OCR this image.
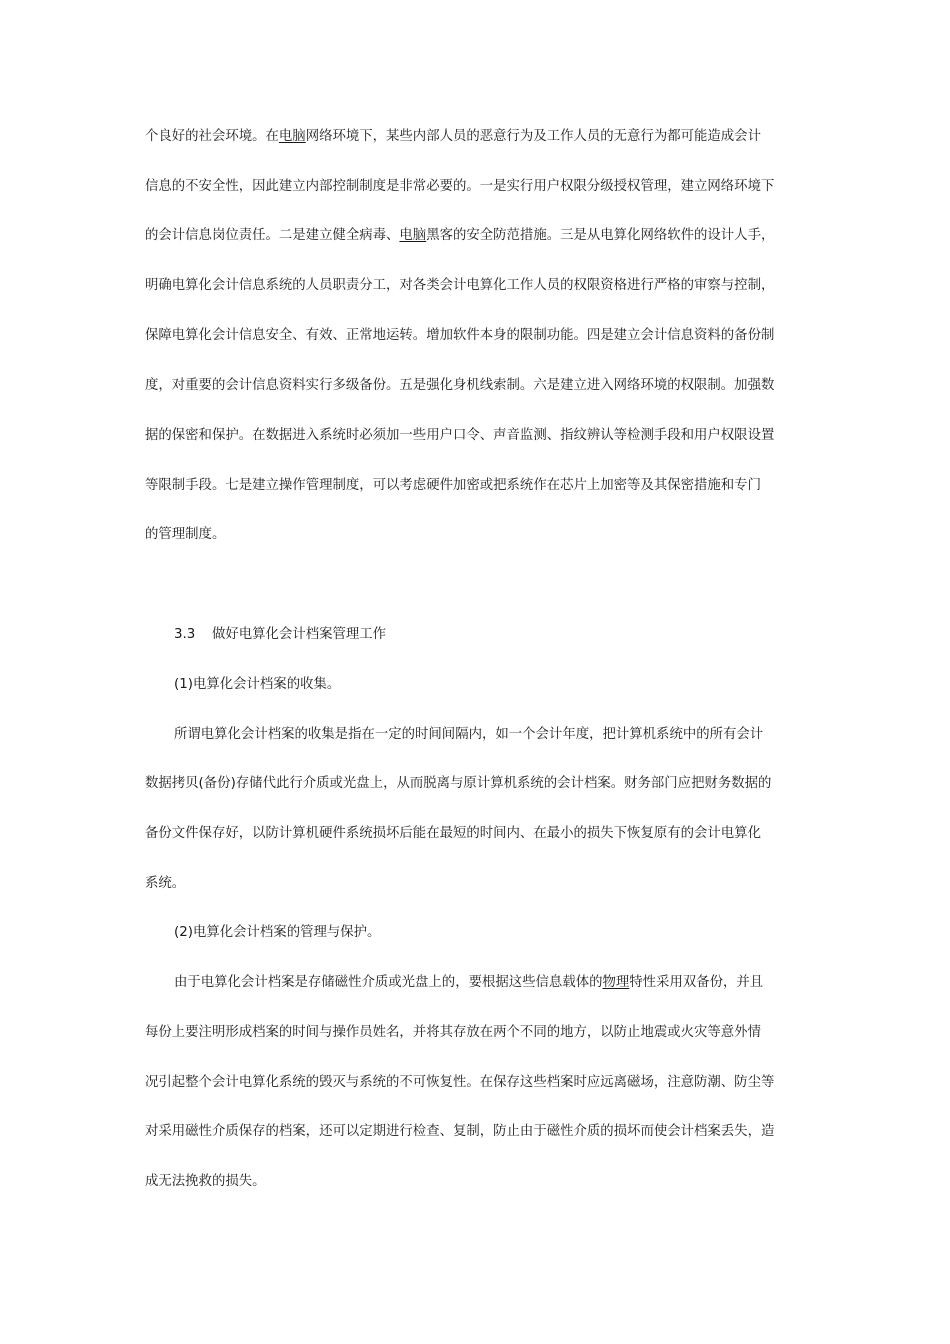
个良好的社会环境。在电脑网络环境下，某些内部人员的恶意行为及工作人员的无意行为都可能造成会计
信息的不安全性，因此建立内部控制制度是非常必要的。一是实行用户权限分级授权管理，建立网络环境下
的会计信息岗位责任。二是建立健全病毒、电脑黑客的安全防范措施。三是从电算化网络软件的设计人手，
明确电算化会计信息系统的人员职责分工，对各类会计电算化工作人员的权限资格进行严格的审察与控制，
保障电算化会计信息安全、有效、正常地运转。增加软件本身的限制功能。四是建立会计信息资料的备份制
度，对重要的会计信息资料实行多级备份。五是强化身机线索制。六是建立进入网络环境的权限制。加强数
据的保密和保护。在数据进入系统时必须加一些用户口令、声音监测、指纹辨认等检测手段和用户权限设置
等限制手段。七是建立操作管理制度，可以考虑硬件加密或把系统作在芯片上加密等及其保密措施和专门
的管理制度。
3.3 做好电算化会计档案管理工作
(1)电算化会计档案的收集。
所谓电算化会计档案的收集是指在一定的时间间隔内，如一个会计年度，把计算机系统中的所有会计
数据拷贝(备份)存储代此行介质或光盘上，从而脱离与原计算机系统的会计档案。财务部门应把财务数据的
备份文件保存好，以防计算机硬件系统损坏后能在最短的时间内、在最小的损失下恢复原有的会计电算化
系统。
(2)电算化会计档案的管理与保护。
由于电算化会计档案是存储磁性介质或光盘上的，要根据这些信息载体的物理特性采用双备份，并且
每份上要注明形成档案的时间与操作员姓名，并将其存放在两个不同的地方，以防止地震或火灾等意外情
况引起整个会计电算化系统的毁灭与系统的不可恢复性。在保存这些档案时应远离磁场，注意防潮、防尘等
对采用磁性介质保存的档案，还可以定期进行检查、复制，防止由于磁性介质的损坏而使会计档案丢失，造
成无法挽救的损失。
